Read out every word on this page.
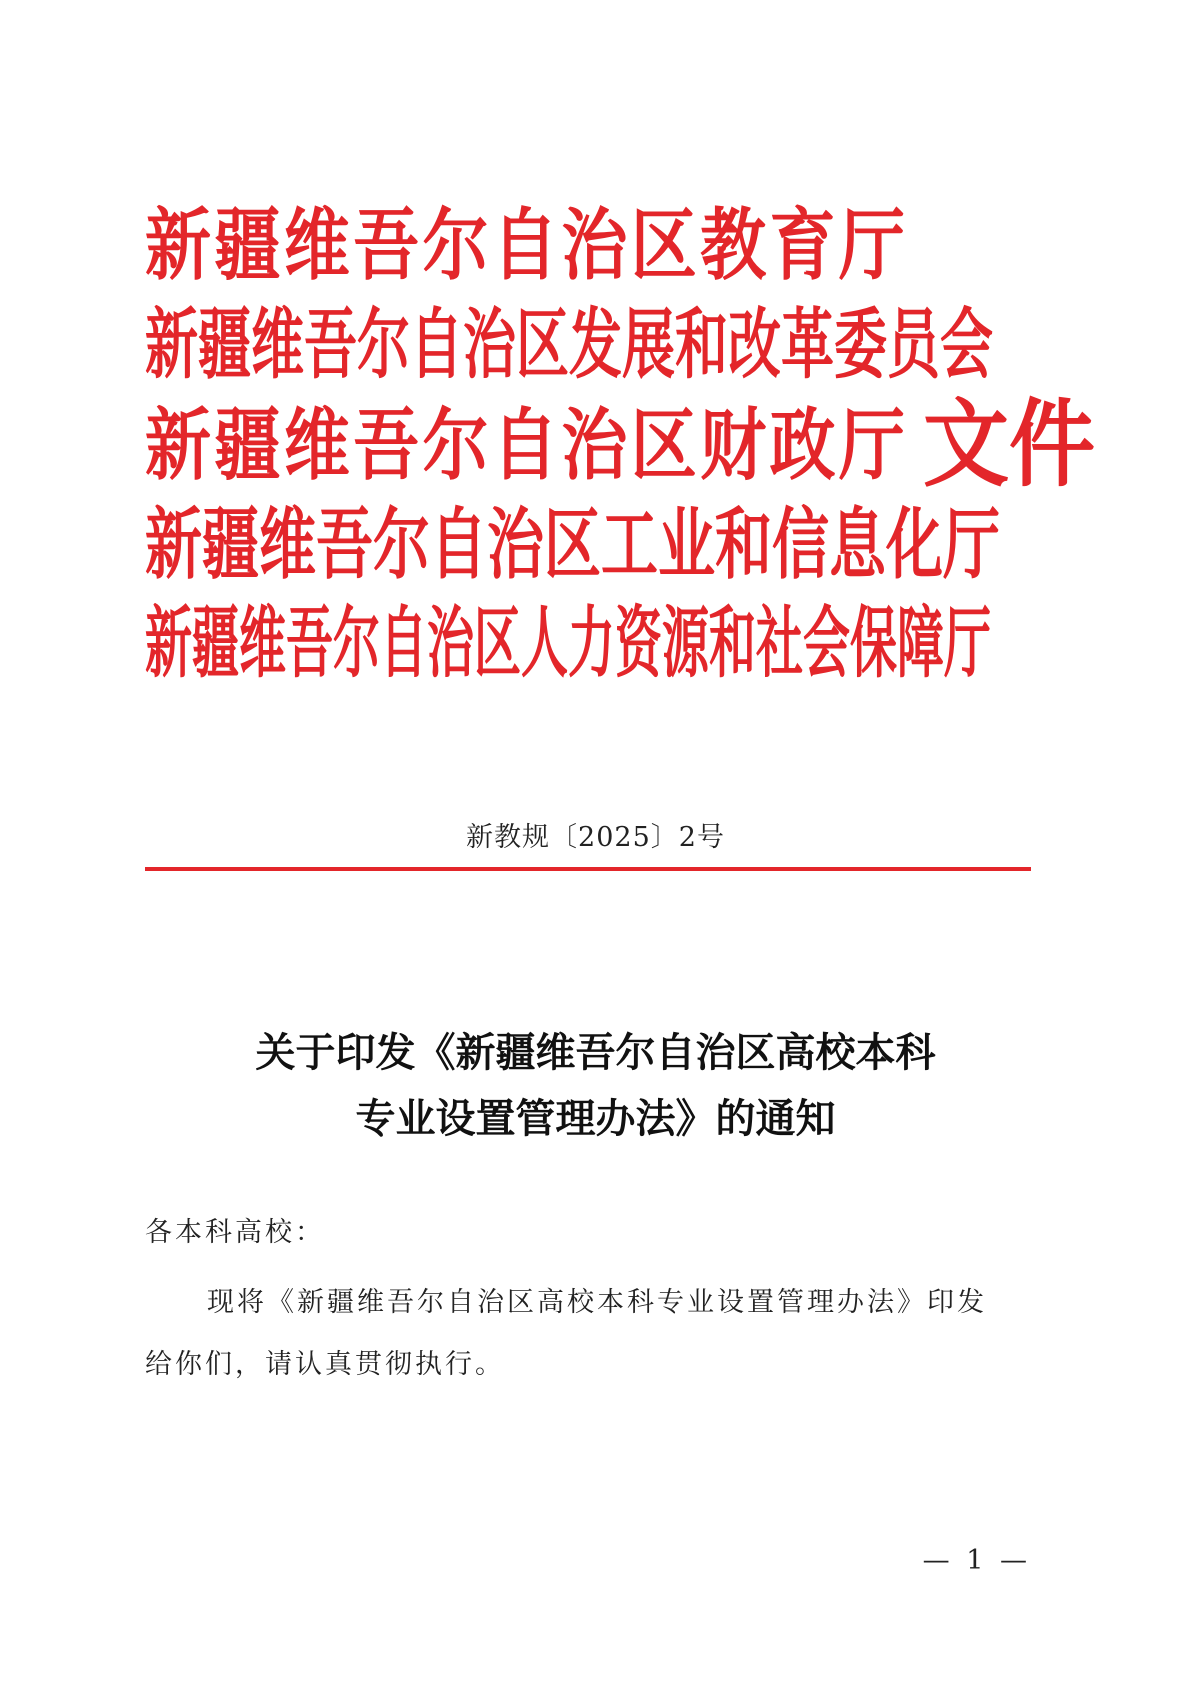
新 疆 维 吾 尔 自 治 区 教 育 厅
新 疆 维 吾 尔 自 治 区 发 展 和 改 革 委 员 会
新 疆 维 吾 尔 自 治 区 财 政 厅
新 疆 维 吾 尔 自 治 区 工 业 和 信 息 化 厅
新 疆 维 吾 尔 自 治 区 人 力 资 源 和 社 会 保 障 厅
文 件
新教规〔2025〕2号
关于印发《新疆维吾尔自治区高校本科
专业设置管理办法》的通知
各本科高校：
现将《新疆维吾尔自治区高校本科专业设置管理办法》印发
给你们，请认真贯彻执行。
— 1 —
